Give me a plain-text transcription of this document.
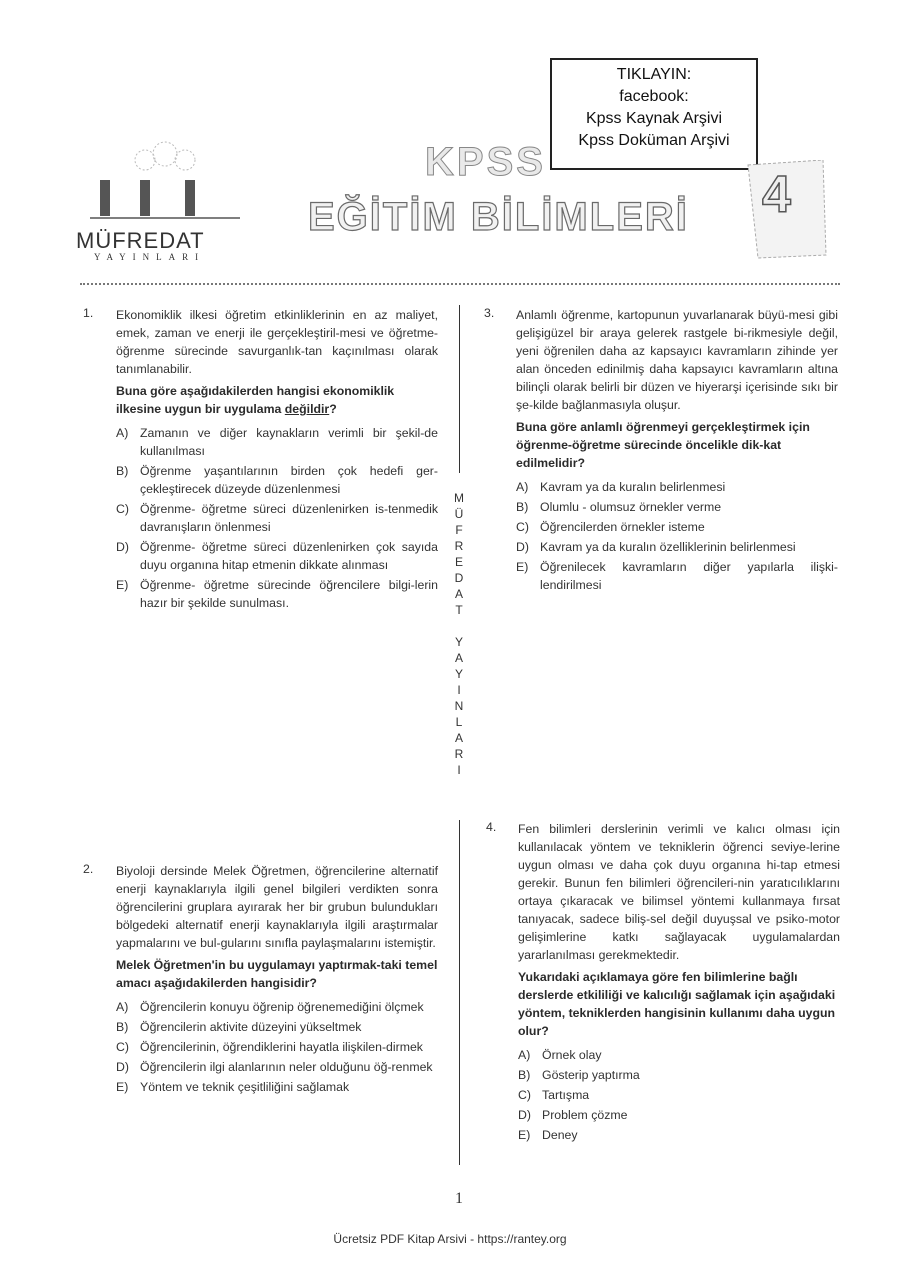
TIKLAYIN:
facebook:
Kpss Kaynak Arşivi
Kpss Doküman Arşivi
MÜFREDAT
YAYINLARI
KPSS
EĞİTİM BİLİMLERİ 4
M
Ü
F
R
E
D
A
T
Y
A
Y
I
N
L
A
R
I
1. Ekonomiklik ilkesi öğretim etkinliklerinin en az maliyet, emek, zaman ve enerji ile gerçekleştiril-mesi ve öğretme-öğrenme sürecinde savurganlık-tan kaçınılması olarak tanımlanabilir.
Buna göre aşağıdakilerden hangisi ekonomiklik ilkesine uygun bir uygulama değildir?
A) Zamanın ve diğer kaynakların verimli bir şekil-de kullanılması
B) Öğrenme yaşantılarının birden çok hedefi ger-çekleştirecek düzeyde düzenlenmesi
C) Öğrenme- öğretme süreci düzenlenirken is-tenmedik davranışların önlenmesi
D) Öğrenme- öğretme süreci düzenlenirken çok sayıda duyu organına hitap etmenin dikkate alınması
E) Öğrenme- öğretme sürecinde öğrencilere bilgi-lerin hazır bir şekilde sunulması.
2. Biyoloji dersinde Melek Öğretmen, öğrencilerine alternatif enerji kaynaklarıyla ilgili genel bilgileri verdikten sonra öğrencilerini gruplara ayırarak her bir grubun bulundukları bölgedeki alternatif enerji kaynaklarıyla ilgili araştırmalar yapmalarını ve bul-gularını sınıfla paylaşmalarını istemiştir.
Melek Öğretmen'in bu uygulamayı yaptırmak-taki temel amacı aşağıdakilerden hangisidir?
A) Öğrencilerin konuyu öğrenip öğrenemediğini ölçmek
B) Öğrencilerin aktivite düzeyini yükseltmek
C) Öğrencilerinin, öğrendiklerini hayatla ilişkilen-dirmek
D) Öğrencilerin ilgi alanlarının neler olduğunu öğ-renmek
E) Yöntem ve teknik çeşitliliğini sağlamak
3. Anlamlı öğrenme, kartopunun yuvarlanarak büyü-mesi gibi gelişigüzel bir araya gelerek rastgele bi-rikmesiyle değil, yeni öğrenilen daha az kapsayıcı kavramların zihinde yer alan önceden edinilmiş daha kapsayıcı kavramların altına bilinçli olarak belirli bir düzen ve hiyerarşi içerisinde sıkı bir şe-kilde bağlanmasıyla oluşur.
Buna göre anlamlı öğrenmeyi gerçekleştirmek için öğrenme-öğretme sürecinde öncelikle dik-kat edilmelidir?
A) Kavram ya da kuralın belirlenmesi
B) Olumlu - olumsuz örnekler verme
C) Öğrencilerden örnekler isteme
D) Kavram ya da kuralın özelliklerinin belirlenmesi
E) Öğrenilecek kavramların diğer yapılarla ilişki-lendirilmesi
4. Fen bilimleri derslerinin verimli ve kalıcı olması için kullanılacak yöntem ve tekniklerin öğrenci seviye-lerine uygun olması ve daha çok duyu organına hi-tap etmesi gerekir. Bunun fen bilimleri öğrencileri-nin yaratıcılıklarını ortaya çıkaracak ve bilimsel yöntemi kullanmaya fırsat tanıyacak, sadece biliş-sel değil duyuşsal ve psiko-motor gelişimlerine katkı sağlayacak uygulamalardan yararlanılması gerekmektedir.
Yukarıdaki açıklamaya göre fen bilimlerine bağlı derslerde etkililiği ve kalıcılığı sağlamak için aşağıdaki yöntem, tekniklerden hangisinin kullanımı daha uygun olur?
A) Örnek olay
B) Gösterip yaptırma
C) Tartışma
D) Problem çözme
E) Deney
1
Ücretsiz PDF Kitap Arsivi - https://rantey.org
